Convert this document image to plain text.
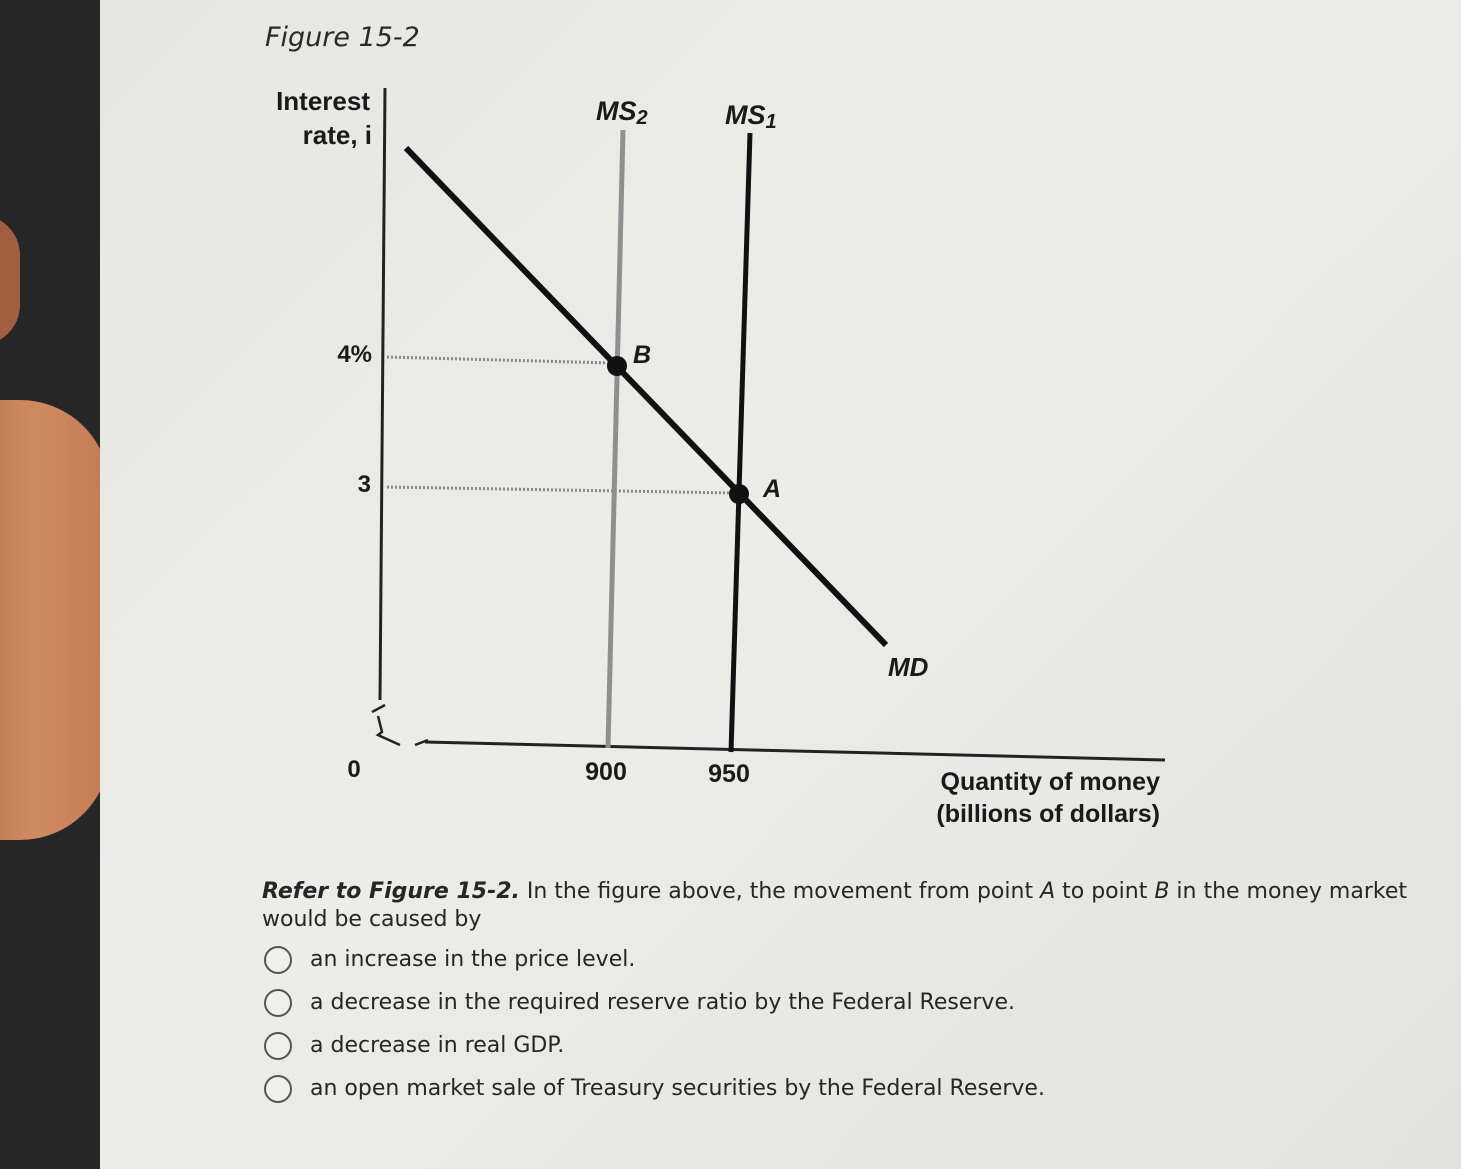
Figure 15-2
Interest
rate, i
4%
3
0	900	950	Quantity of money
(billions of dollars)
MS2	MS1
MD
B
A
Refer to Figure 15-2. In the figure above, the movement from point A to point B in the money market would be caused by
an increase in the price level.
a decrease in the required reserve ratio by the Federal Reserve.
a decrease in real GDP.
an open market sale of Treasury securities by the Federal Reserve.
